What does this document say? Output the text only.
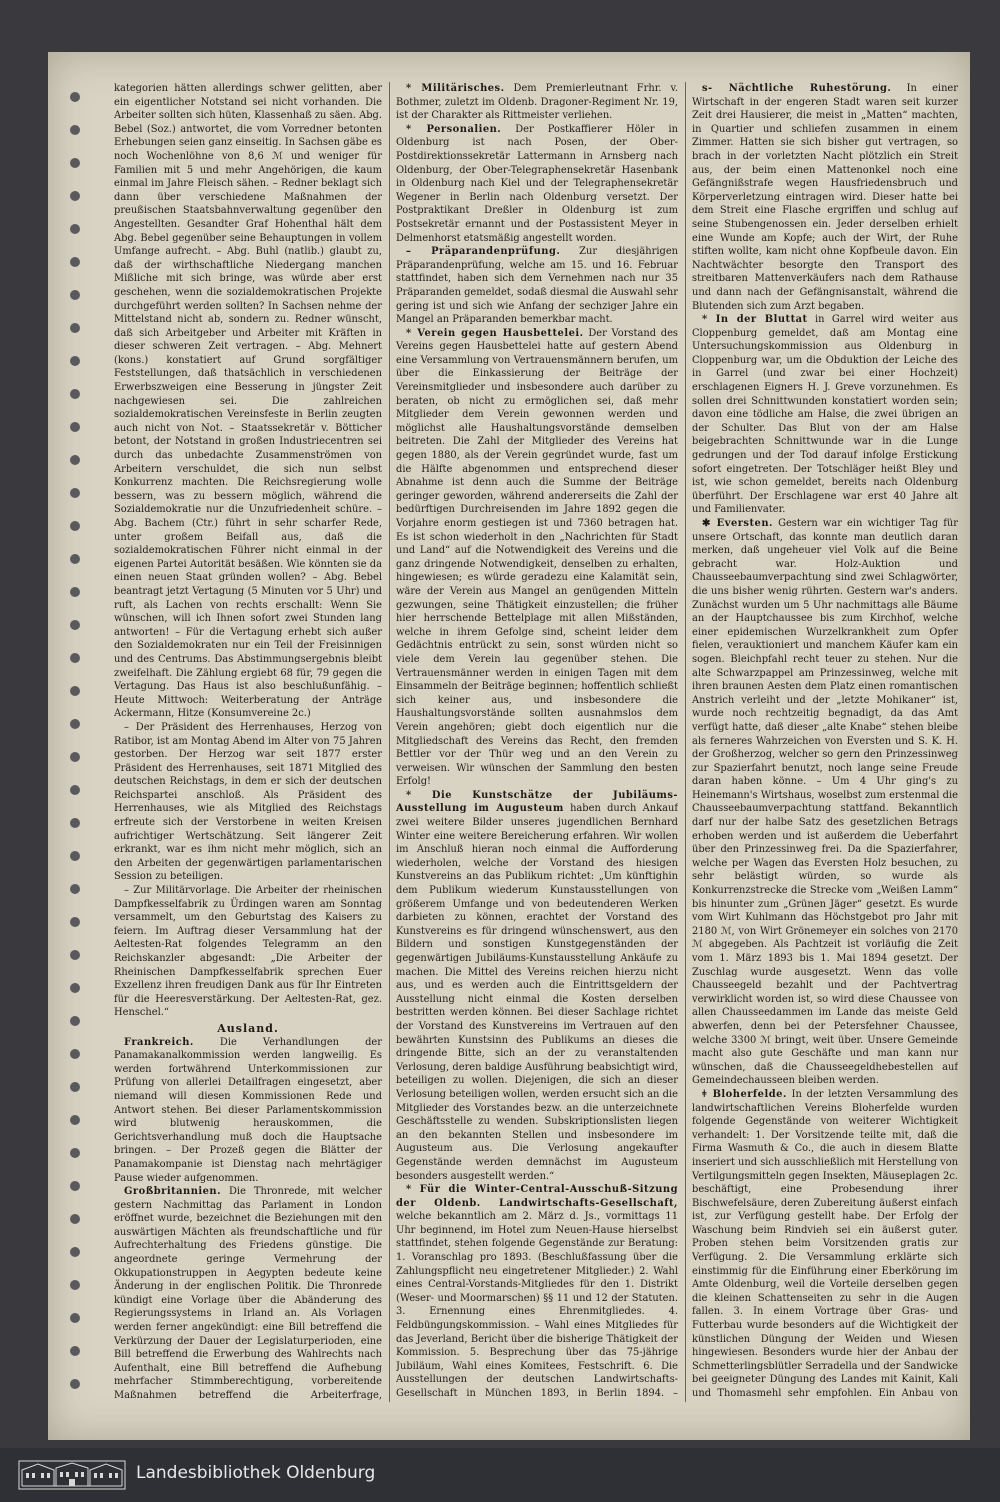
kategorien hätten allerdings schwer gelitten, aber ein eigentlicher Notstand sei nicht vorhanden. Die Arbeiter sollten sich hüten, Klassenhaß zu säen. Abg. Bebel (Soz.) antwortet, die vom Vorredner betonten Erhebungen seien ganz einseitig. In Sachsen gäbe es noch Wochenlöhne von 8,6 ℳ und weniger für Familien mit 5 und mehr Angehörigen, die kaum einmal im Jahre Fleisch sähen. – Redner beklagt sich dann über verschiedene Maßnahmen der preußischen Staatsbahnverwaltung gegenüber den Angestellten. Gesandter Graf Hohenthal hält dem Abg. Bebel gegenüber seine Behauptungen in vollem Umfange aufrecht. – Abg. Buhl (natlib.) glaubt zu, daß der wirthschaftliche Niedergang manchen Mißliche mit sich bringe, was würde aber erst geschehen, wenn die sozialdemokratischen Projekte durchgeführt werden sollten? In Sachsen nehme der Mittelstand nicht ab, sondern zu. Redner wünscht, daß sich Arbeitgeber und Arbeiter mit Kräften in dieser schweren Zeit vertragen. – Abg. Mehnert (kons.) konstatiert auf Grund sorgfältiger Feststellungen, daß thatsächlich in verschiedenen Erwerbszweigen eine Besserung in jüngster Zeit nachgewiesen sei. Die zahlreichen sozialdemokratischen Vereinsfeste in Berlin zeugten auch nicht von Not. – Staatssekretär v. Bötticher betont, der Notstand in großen Industriecentren sei durch das unbedachte Zusammenströmen von Arbeitern verschuldet, die sich nun selbst Konkurrenz machten. Die Reichsregierung wolle bessern, was zu bessern möglich, während die Sozialdemokratie nur die Unzufriedenheit schüre. – Abg. Bachem (Ctr.) führt in sehr scharfer Rede, unter großem Beifall aus, daß die sozialdemokratischen Führer nicht einmal in der eigenen Partei Autorität besäßen. Wie könnten sie da einen neuen Staat gründen wollen? – Abg. Bebel beantragt jetzt Vertagung (5 Minuten vor 5 Uhr) und ruft, als Lachen von rechts erschallt: Wenn Sie wünschen, will ich Ihnen sofort zwei Stunden lang antworten! – Für die Vertagung erhebt sich außer den Sozialdemokraten nur ein Teil der Freisinnigen und des Centrums. Das Abstimmungsergebnis bleibt zweifelhaft. Die Zählung ergiebt 68 für, 79 gegen die Vertagung. Das Haus ist also beschlußunfähig. – Heute Mittwoch: Weiterberatung der Anträge Ackermann, Hitze (Konsumvereine 2c.)

– Der Präsident des Herrenhauses, Herzog von Ratibor, ist am Montag Abend im Alter von 75 Jahren gestorben. Der Herzog war seit 1877 erster Präsident des Herrenhauses, seit 1871 Mitglied des deutschen Reichstags, in dem er sich der deutschen Reichspartei anschloß. Als Präsident des Herrenhauses, wie als Mitglied des Reichstags erfreute sich der Verstorbene in weiten Kreisen aufrichtiger Wertschätzung. Seit längerer Zeit erkrankt, war es ihm nicht mehr möglich, sich an den Arbeiten der gegenwärtigen parlamentarischen Session zu beteiligen.

– Zur Militärvorlage. Die Arbeiter der rheinischen Dampfkesselfabrik zu Ürdingen waren am Sonntag versammelt, um den Geburtstag des Kaisers zu feiern. Im Auftrag dieser Versammlung hat der Aeltesten-Rat folgendes Telegramm an den Reichskanzler abgesandt: „Die Arbeiter der Rheinischen Dampfkesselfabrik sprechen Euer Exzellenz ihren freudigen Dank aus für Ihr Eintreten für die Heeresverstärkung. Der Aeltesten-Rat, gez. Henschel.“

Ausland.

Frankreich.	Die Verhandlungen der Panamakanalkommission werden langweilig. Es werden fortwährend Unterkommissionen zur Prüfung von allerlei Detailfragen eingesetzt, aber niemand will diesen Kommissionen Rede und Antwort stehen. Bei dieser Parlamentskommission wird blutwenig herauskommen, die Gerichtsverhandlung muß doch die Hauptsache bringen. – Der Prozeß gegen die Blätter der Panamakompanie ist Dienstag nach mehrtägiger Pause wieder aufgenommen.

Großbritannien. Die Thronrede, mit welcher gestern Nachmittag das Parlament in London eröffnet wurde, bezeichnet die Beziehungen mit den auswärtigen Mächten als freundschaftliche und für Aufrechterhaltung des Friedens günstige. Die angeordnete geringe Vermehrung der Okkupationstruppen in Aegypten bedeute keine Änderung in der englischen Politik. Die Thronrede kündigt eine Vorlage über die Abänderung des Regierungssystems in Irland an. Als Vorlagen werden ferner angekündigt: eine Bill betreffend die Verkürzung der Dauer der Legislaturperioden, eine Bill betreffend die Erwerbung des Wahlrechts nach Aufenthalt, eine Bill betreffend die Aufhebung mehrfacher Stimmberechtigung, vorbereitende Maßnahmen betreffend die Arbeiterfrage,

* Militärisches. Dem Premierleutnant Frhr. v. Bothmer, zuletzt im Oldenb. Dragoner-Regiment Nr. 19, ist der Charakter als Rittmeister verliehen.

* Personalien. Der Postkaffierer Höler in Oldenburg ist nach Posen, der Ober-Postdirektionssekretär Lattermann in Arnsberg nach Oldenburg, der Ober-Telegraphensekretär Hasenbank in Oldenburg nach Kiel und der Telegraphensekretär Wegener in Berlin nach Oldenburg versetzt. Der Postpraktikant Dreßler in Oldenburg ist zum Postsekretär ernannt und der Postassistent Meyer in Delmenhorst etatsmäßig angestellt worden.

– Präparandenprüfung. Zur diesjährigen Präparandenprüfung, welche am 15. und 16. Februar stattfindet, haben sich dem Vernehmen nach nur 35 Präparanden gemeldet, sodaß diesmal die Auswahl sehr gering ist und sich wie Anfang der sechziger Jahre ein Mangel an Präparanden bemerkbar macht.

* Verein gegen Hausbettelei. Der Vorstand des Vereins gegen Hausbettelei hatte auf gestern Abend eine Versammlung von Vertrauensmännern berufen, um über die Einkassierung der Beiträge der Vereinsmitglieder und insbesondere auch darüber zu beraten, ob nicht zu ermöglichen sei, daß mehr Mitglieder dem Verein gewonnen werden und möglichst alle Haushaltungsvorstände demselben beitreten. Die Zahl der Mitglieder des Vereins hat gegen 1880, als der Verein gegründet wurde, fast um die Hälfte abgenommen und entsprechend dieser Abnahme ist denn auch die Summe der Beiträge geringer geworden, während andererseits die Zahl der bedürftigen Durchreisenden im Jahre 1892 gegen die Vorjahre enorm gestiegen ist und 7360 betragen hat. Es ist schon wiederholt in den „Nachrichten für Stadt und Land“ auf die Notwendigkeit des Vereins und die ganz dringende Notwendigkeit, denselben zu erhalten, hingewiesen; es würde geradezu eine Kalamität sein, wäre der Verein aus Mangel an genügenden Mitteln gezwungen, seine Thätigkeit einzustellen; die früher hier herrschende Bettelplage mit allen Mißständen, welche in ihrem Gefolge sind, scheint leider dem Gedächtnis entrückt zu sein, sonst würden nicht so viele dem Verein lau gegenüber stehen. Die Vertrauensmänner werden in einigen Tagen mit dem Einsammeln der Beiträge beginnen; hoffentlich schließt sich keiner aus, und insbesondere die Haushaltungsvorstände sollten ausnahmslos dem Verein angehören; giebt doch eigentlich nur die Mitgliedschaft des Vereins das Recht, den fremden Bettler vor der Thür weg und an den Verein zu verweisen. Wir wünschen der Sammlung den besten Erfolg!

* Die Kunstschätze der Jubiläums-Ausstellung im Augusteum haben durch Ankauf zwei weitere Bilder unseres jugendlichen Bernhard Winter eine weitere Bereicherung erfahren. Wir wollen im Anschluß hieran noch einmal die Aufforderung wiederholen, welche der Vorstand des hiesigen Kunstvereins an das Publikum richtet: „Um künftighin dem Publikum wiederum Kunstausstellungen von größerem Umfange und von bedeutenderen Werken darbieten zu können, erachtet der Vorstand des Kunstvereins es für dringend wünschenswert, aus den Bildern und sonstigen Kunstgegenständen der gegenwärtigen Jubiläums-Kunstausstellung Ankäufe zu machen. Die Mittel des Vereins reichen hierzu nicht aus, und es werden auch die Eintrittsgeldern der Ausstellung nicht einmal die Kosten derselben bestritten werden können. Bei dieser Sachlage richtet der Vorstand des Kunstvereins im Vertrauen auf den bewährten Kunstsinn des Publikums an dieses die dringende Bitte, sich an der zu veranstaltenden Verlosung, deren baldige Ausführung beabsichtigt wird, beteiligen zu wollen. Diejenigen, die sich an dieser Verlosung beteiligen wollen, werden ersucht sich an die Mitglieder des Vorstandes bezw. an die unterzeichnete Geschäftsstelle zu wenden. Subskriptionslisten liegen an den bekannten Stellen und insbesondere im Augusteum aus. Die Verlosung angekaufter Gegenstände werden demnächst im Augusteum besonders ausgestellt werden.“

* Für die Winter-Central-Ausschuß-Sitzung der Oldenb. Landwirtschafts-Gesellschaft, welche bekanntlich am 2. März d. Js., vormittags 11 Uhr beginnend, im Hotel zum Neuen-Hause hierselbst stattfindet, stehen folgende Gegenstände zur Beratung: 1. Voranschlag pro 1893. (Beschlußfassung über die Zahlungspflicht neu eingetretener Mitglieder.) 2. Wahl eines Central-Vorstands-Mitgliedes für den 1. Distrikt (Weser- und Moormarschen) §§ 11 und 12 der Statuten. 3. Ernennung eines Ehrenmitgliedes. 4. Feldbüngungskommission. – Wahl eines Mitgliedes für das Jeverland, Bericht über die bisherige Thätigkeit der Kommission. 5. Besprechung über das 75-jährige Jubiläum, Wahl eines Komitees, Festschrift. 6. Die Ausstellungen der deutschen Landwirtschafts-Gesellschaft in München 1893, in Berlin 1894. –

s- Nächtliche Ruhestörung. In einer Wirtschaft in der engeren Stadt waren seit kurzer Zeit drei Hausierer, die meist in „Matten“ machten, in Quartier und schliefen zusammen in einem Zimmer. Hatten sie sich bisher gut vertragen, so brach in der vorletzten Nacht plötzlich ein Streit aus, der beim einen Mattenonkel noch eine Gefängnißstrafe wegen Hausfriedensbruch und Körperverletzung eintragen wird. Dieser hatte bei dem Streit eine Flasche ergriffen und schlug auf seine Stubengenossen ein. Jeder derselben erhielt eine Wunde am Kopfe; auch der Wirt, der Ruhe stiften wollte, kam nicht ohne Kopfbeule davon. Ein Nachtwächter besorgte den Transport des streitbaren Mattenverkäufers nach dem Rathause und dann nach der Gefängnisanstalt, während die Blutenden sich zum Arzt begaben.

* In der Bluttat in Garrel wird weiter aus Cloppenburg gemeldet, daß am Montag eine Untersuchungskommission aus Oldenburg in Cloppenburg war, um die Obduktion der Leiche des in Garrel (und zwar bei einer Hochzeit) erschlagenen Eigners H. J. Greve vorzunehmen. Es sollen drei Schnittwunden konstatiert worden sein; davon eine tödliche am Halse, die zwei übrigen an der Schulter. Das Blut von der am Halse beigebrachten Schnittwunde war in die Lunge gedrungen und der Tod darauf infolge Erstickung sofort eingetreten. Der Totschläger heißt Bley und ist, wie schon gemeldet, bereits nach Oldenburg überführt. Der Erschlagene war erst 40 Jahre alt und Familienvater.

✱ Eversten. Gestern war ein wichtiger Tag für unsere Ortschaft, das konnte man deutlich daran merken, daß ungeheuer viel Volk auf die Beine gebracht war. Holz-Auktion und Chausseebaumverpachtung sind zwei Schlagwörter, die uns bisher wenig rührten. Gestern war's anders. Zunächst wurden um 5 Uhr nachmittags alle Bäume an der Hauptchaussee bis zum Kirchhof, welche einer epidemischen Wurzelkrankheit zum Opfer fielen, verauktioniert und manchem Käufer kam ein sogen. Bleichpfahl recht teuer zu stehen. Nur die alte Schwarzpappel am Prinzessinweg, welche mit ihren braunen Aesten dem Platz einen romantischen Anstrich verleiht und der „letzte Mohikaner“ ist, wurde noch rechtzeitig begnadigt, da das Amt verfügt hatte, daß dieser „alte Knabe“ stehen bleibe als ferneres Wahrzeichen von Eversten und S. K. H. der Großherzog, welcher so gern den Prinzessinweg zur Spazierfahrt benutzt, noch lange seine Freude daran haben könne. – Um 4 Uhr ging's zu Heinemann's Wirtshaus, woselbst zum erstenmal die Chausseebaumverpachtung stattfand. Bekanntlich darf nur der halbe Satz des gesetzlichen Betrags erhoben werden und ist außerdem die Ueberfahrt über den Prinzessinweg frei. Da die Spazierfahrer, welche per Wagen das Eversten Holz besuchen, zu sehr belästigt würden, so wurde als Konkurrenzstrecke die Strecke vom „Weißen Lamm“ bis hinunter zum „Grünen Jäger“ gesetzt. Es wurde vom Wirt Kuhlmann das Höchstgebot pro Jahr mit 2180 ℳ, von Wirt Grönemeyer ein solches von 2170 ℳ abgegeben. Als Pachtzeit ist vorläufig die Zeit vom 1. März 1893 bis 1. Mai 1894 gesetzt. Der Zuschlag wurde ausgesetzt. Wenn das volle Chausseegeld bezahlt und der Pachtvertrag verwirklicht worden ist, so wird diese Chaussee von allen Chausseedammen im Lande das meiste Geld abwerfen, denn bei der Petersfehner Chaussee, welche 3300 ℳ bringt, weit über. Unsere Gemeinde macht also gute Geschäfte und man kann nur wünschen, daß die Chausseegeldhebestellen auf Gemeindechausseen bleiben werden.

ǂ Bloherfelde. In der letzten Versammlung des landwirtschaftlichen Vereins Bloherfelde wurden folgende Gegenstände von weiterer Wichtigkeit verhandelt: 1. Der Vorsitzende teilte mit, daß die Firma Wasmuth & Co., die auch in diesem Blatte inseriert und sich ausschließlich mit Herstellung von Vertilgungsmitteln gegen Insekten, Mäuseplagen 2c. beschäftigt, eine Probesendung ihrer Bischwefelsäure, deren Zubereitung äußerst einfach ist, zur Verfügung gestellt habe. Der Erfolg der Waschung beim Rindvieh sei ein äußerst guter. Proben stehen beim Vorsitzenden gratis zur Verfügung. 2. Die Versammlung erklärte sich einstimmig für die Einführung einer Eberkörung im Amte Oldenburg, weil die Vorteile derselben gegen die kleinen Schattenseiten zu sehr in die Augen fallen. 3. In einem Vortrage über Gras- und Futterbau wurde besonders auf die Wichtigkeit der künstlichen Düngung der Weiden und Wiesen hingewiesen. Besonders wurde hier der Anbau der Schmetterlingsblütler Serradella und der Sandwicke bei geeigneter Düngung des Landes mit Kainit, Kali und Thomasmehl sehr empfohlen. Ein Anbau von

Landesbibliothek Oldenburg
